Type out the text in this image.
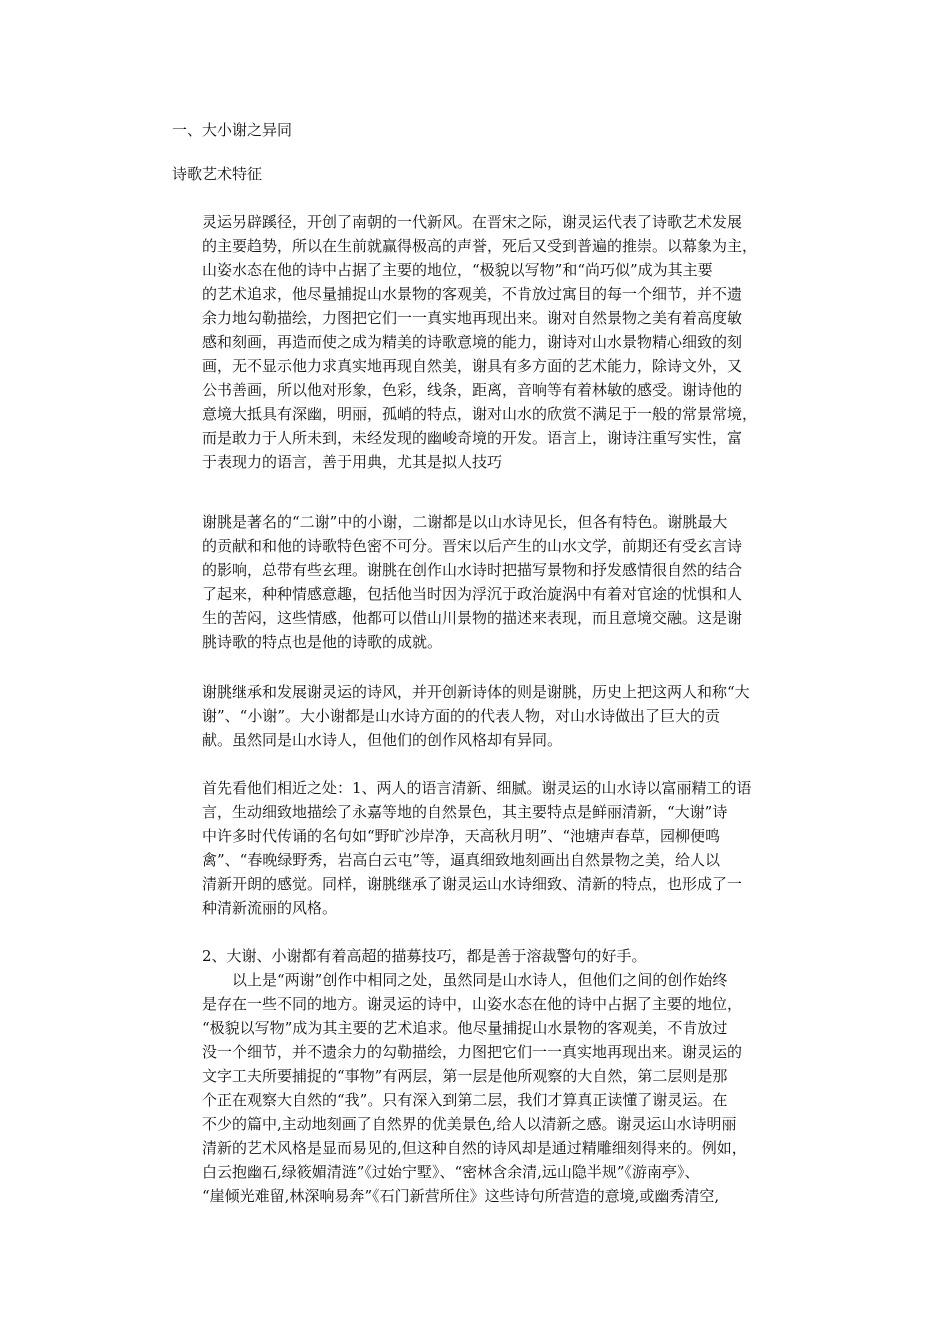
一、大小谢之异同

诗歌艺术特征

灵运另辟蹊径，开创了南朝的一代新风。在晋宋之际，谢灵运代表了诗歌艺术发展
的主要趋势，所以在生前就赢得极高的声誉，死后又受到普遍的推崇。以幕象为主，
山姿水态在他的诗中占据了主要的地位，“极貌以写物”和“尚巧似”成为其主要
的艺术追求，他尽量捕捉山水景物的客观美，不肯放过寓目的每一个细节，并不遗
余力地勾勒描绘，力图把它们一一真实地再现出来。谢对自然景物之美有着高度敏
感和刻画，再造而使之成为精美的诗歌意境的能力，谢诗对山水景物精心细致的刻
画，无不显示他力求真实地再现自然美，谢具有多方面的艺术能力，除诗文外，又
公书善画，所以他对形象，色彩，线条，距离，音响等有着林敏的感受。谢诗他的
意境大抵具有深幽，明丽，孤峭的特点，谢对山水的欣赏不满足于一般的常景常境，
而是敢力于人所未到，未经发现的幽峻奇境的开发。语言上，谢诗注重写实性，富
于表现力的语言，善于用典，尤其是拟人技巧
谢朓是著名的“二谢”中的小谢，二谢都是以山水诗见长，但各有特色。谢朓最大
的贡献和和他的诗歌特色密不可分。晋宋以后产生的山水文学，前期还有受玄言诗
的影响，总带有些玄理。谢朓在创作山水诗时把描写景物和抒发感情很自然的结合
了起来，种种情感意趣，包括他当时因为浮沉于政治旋涡中有着对官途的忧惧和人
生的苦闷，这些情感，他都可以借山川景物的描述来表现，而且意境交融。这是谢
朓诗歌的特点也是他的诗歌的成就。
谢朓继承和发展谢灵运的诗风，并开创新诗体的则是谢朓，历史上把这两人和称“大
谢”、“小谢”。大小谢都是山水诗方面的的代表人物，对山水诗做出了巨大的贡
献。虽然同是山水诗人，但他们的创作风格却有异同。
首先看他们相近之处：1、两人的语言清新、细腻。谢灵运的山水诗以富丽精工的语
言，生动细致地描绘了永嘉等地的自然景色，其主要特点是鲜丽清新，“大谢”诗
中许多时代传诵的名句如“野旷沙岸净，天高秋月明”、“池塘声春草，园柳便鸣
禽”、“春晚绿野秀，岩高白云屯”等，逼真细致地刻画出自然景物之美，给人以
清新开朗的感觉。同样，谢朓继承了谢灵运山水诗细致、清新的特点，也形成了一
种清新流丽的风格。
2、大谢、小谢都有着高超的描募技巧，都是善于溶裁警句的好手。
以上是“两谢”创作中相同之处，虽然同是山水诗人，但他们之间的创作始终
是存在一些不同的地方。谢灵运的诗中，山姿水态在他的诗中占据了主要的地位，
“极貌以写物”成为其主要的艺术追求。他尽量捕捉山水景物的客观美，不肯放过
没一个细节，并不遗余力的勾勒描绘，力图把它们一一真实地再现出来。谢灵运的
文字工夫所要捕捉的“事物”有两层，第一层是他所观察的大自然，第二层则是那
个正在观察大自然的“我”。只有深入到第二层，我们才算真正读懂了谢灵运。在
不少的篇中,主动地刻画了自然界的优美景色,给人以清新之感。谢灵运山水诗明丽
清新的艺术风格是显而易见的,但这种自然的诗风却是通过精雕细刻得来的。例如，
白云抱幽石,绿筱媚清涟”《过始宁墅》、“密林含余清,远山隐半规”《游南亭》、
“崖倾光难留,林深响易奔”《石门新营所住》这些诗句所营造的意境,或幽秀清空,
